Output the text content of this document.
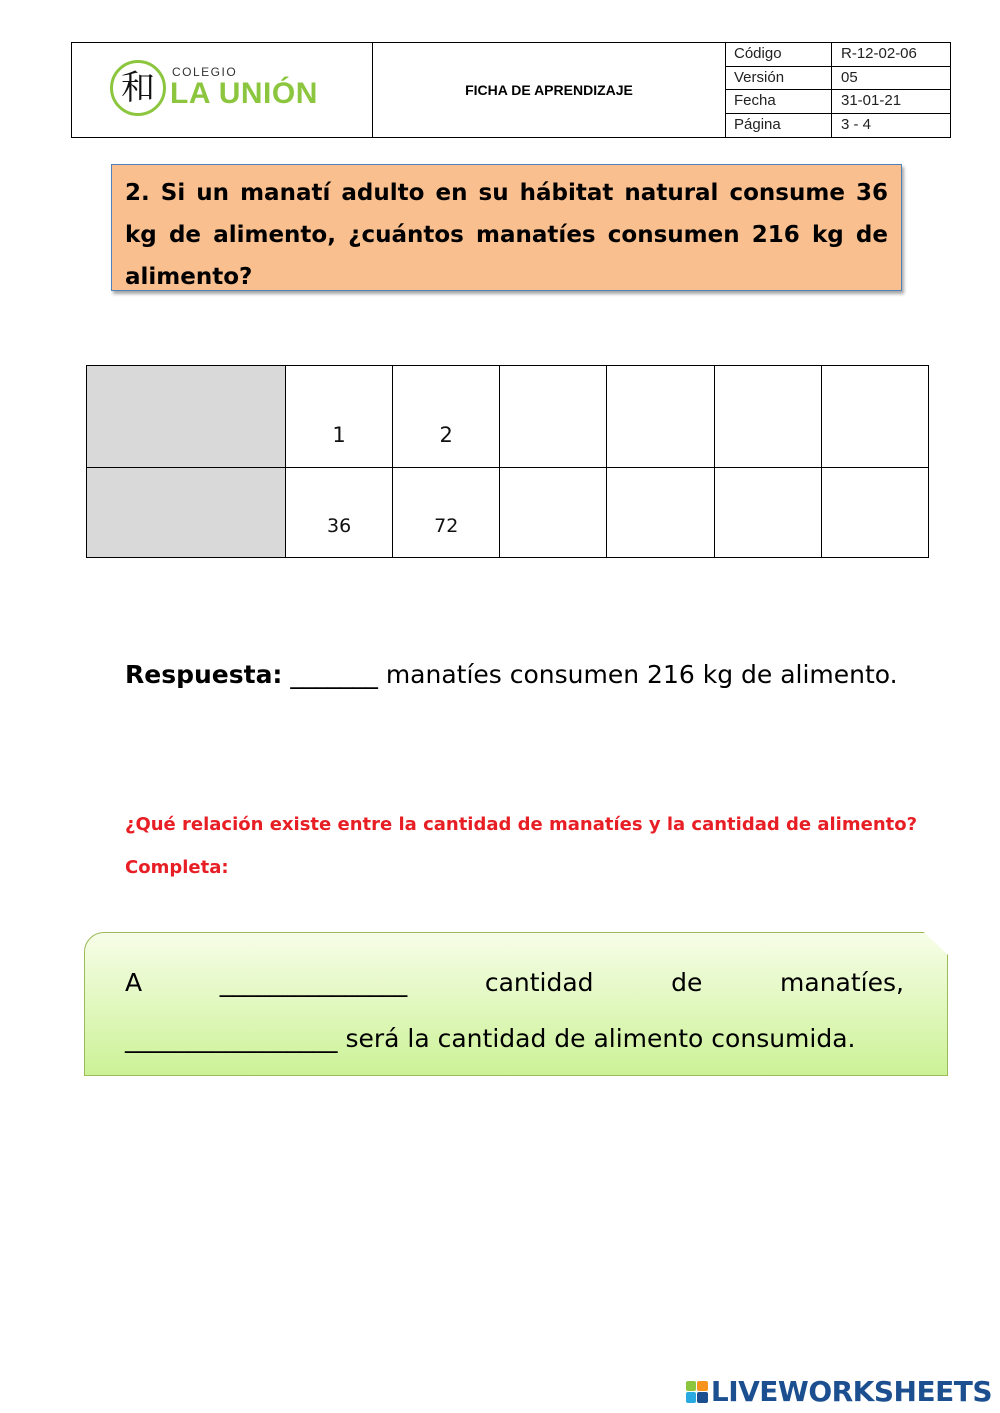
和	COLEGIO
LA UNIÓN	FICHA DE APRENDIZAJE
Código	R-12-02-06
Versión	05
Fecha	31-01-21
Página	3 - 4
2. Si un manatí adulto en su hábitat natural consume 36 kg de alimento, ¿cuántos manatíes consumen 216 kg de alimento?
	1	2				
	36	72				
Respuesta: _______ manatíes consumen 216 kg de alimento.
¿Qué relación existe entre la cantidad de manatíes y la cantidad de alimento?
Completa:
A	_______________	cantidad	de	manatíes,
_________________ será la cantidad de alimento consumida.
LIVEWORKSHEETS
